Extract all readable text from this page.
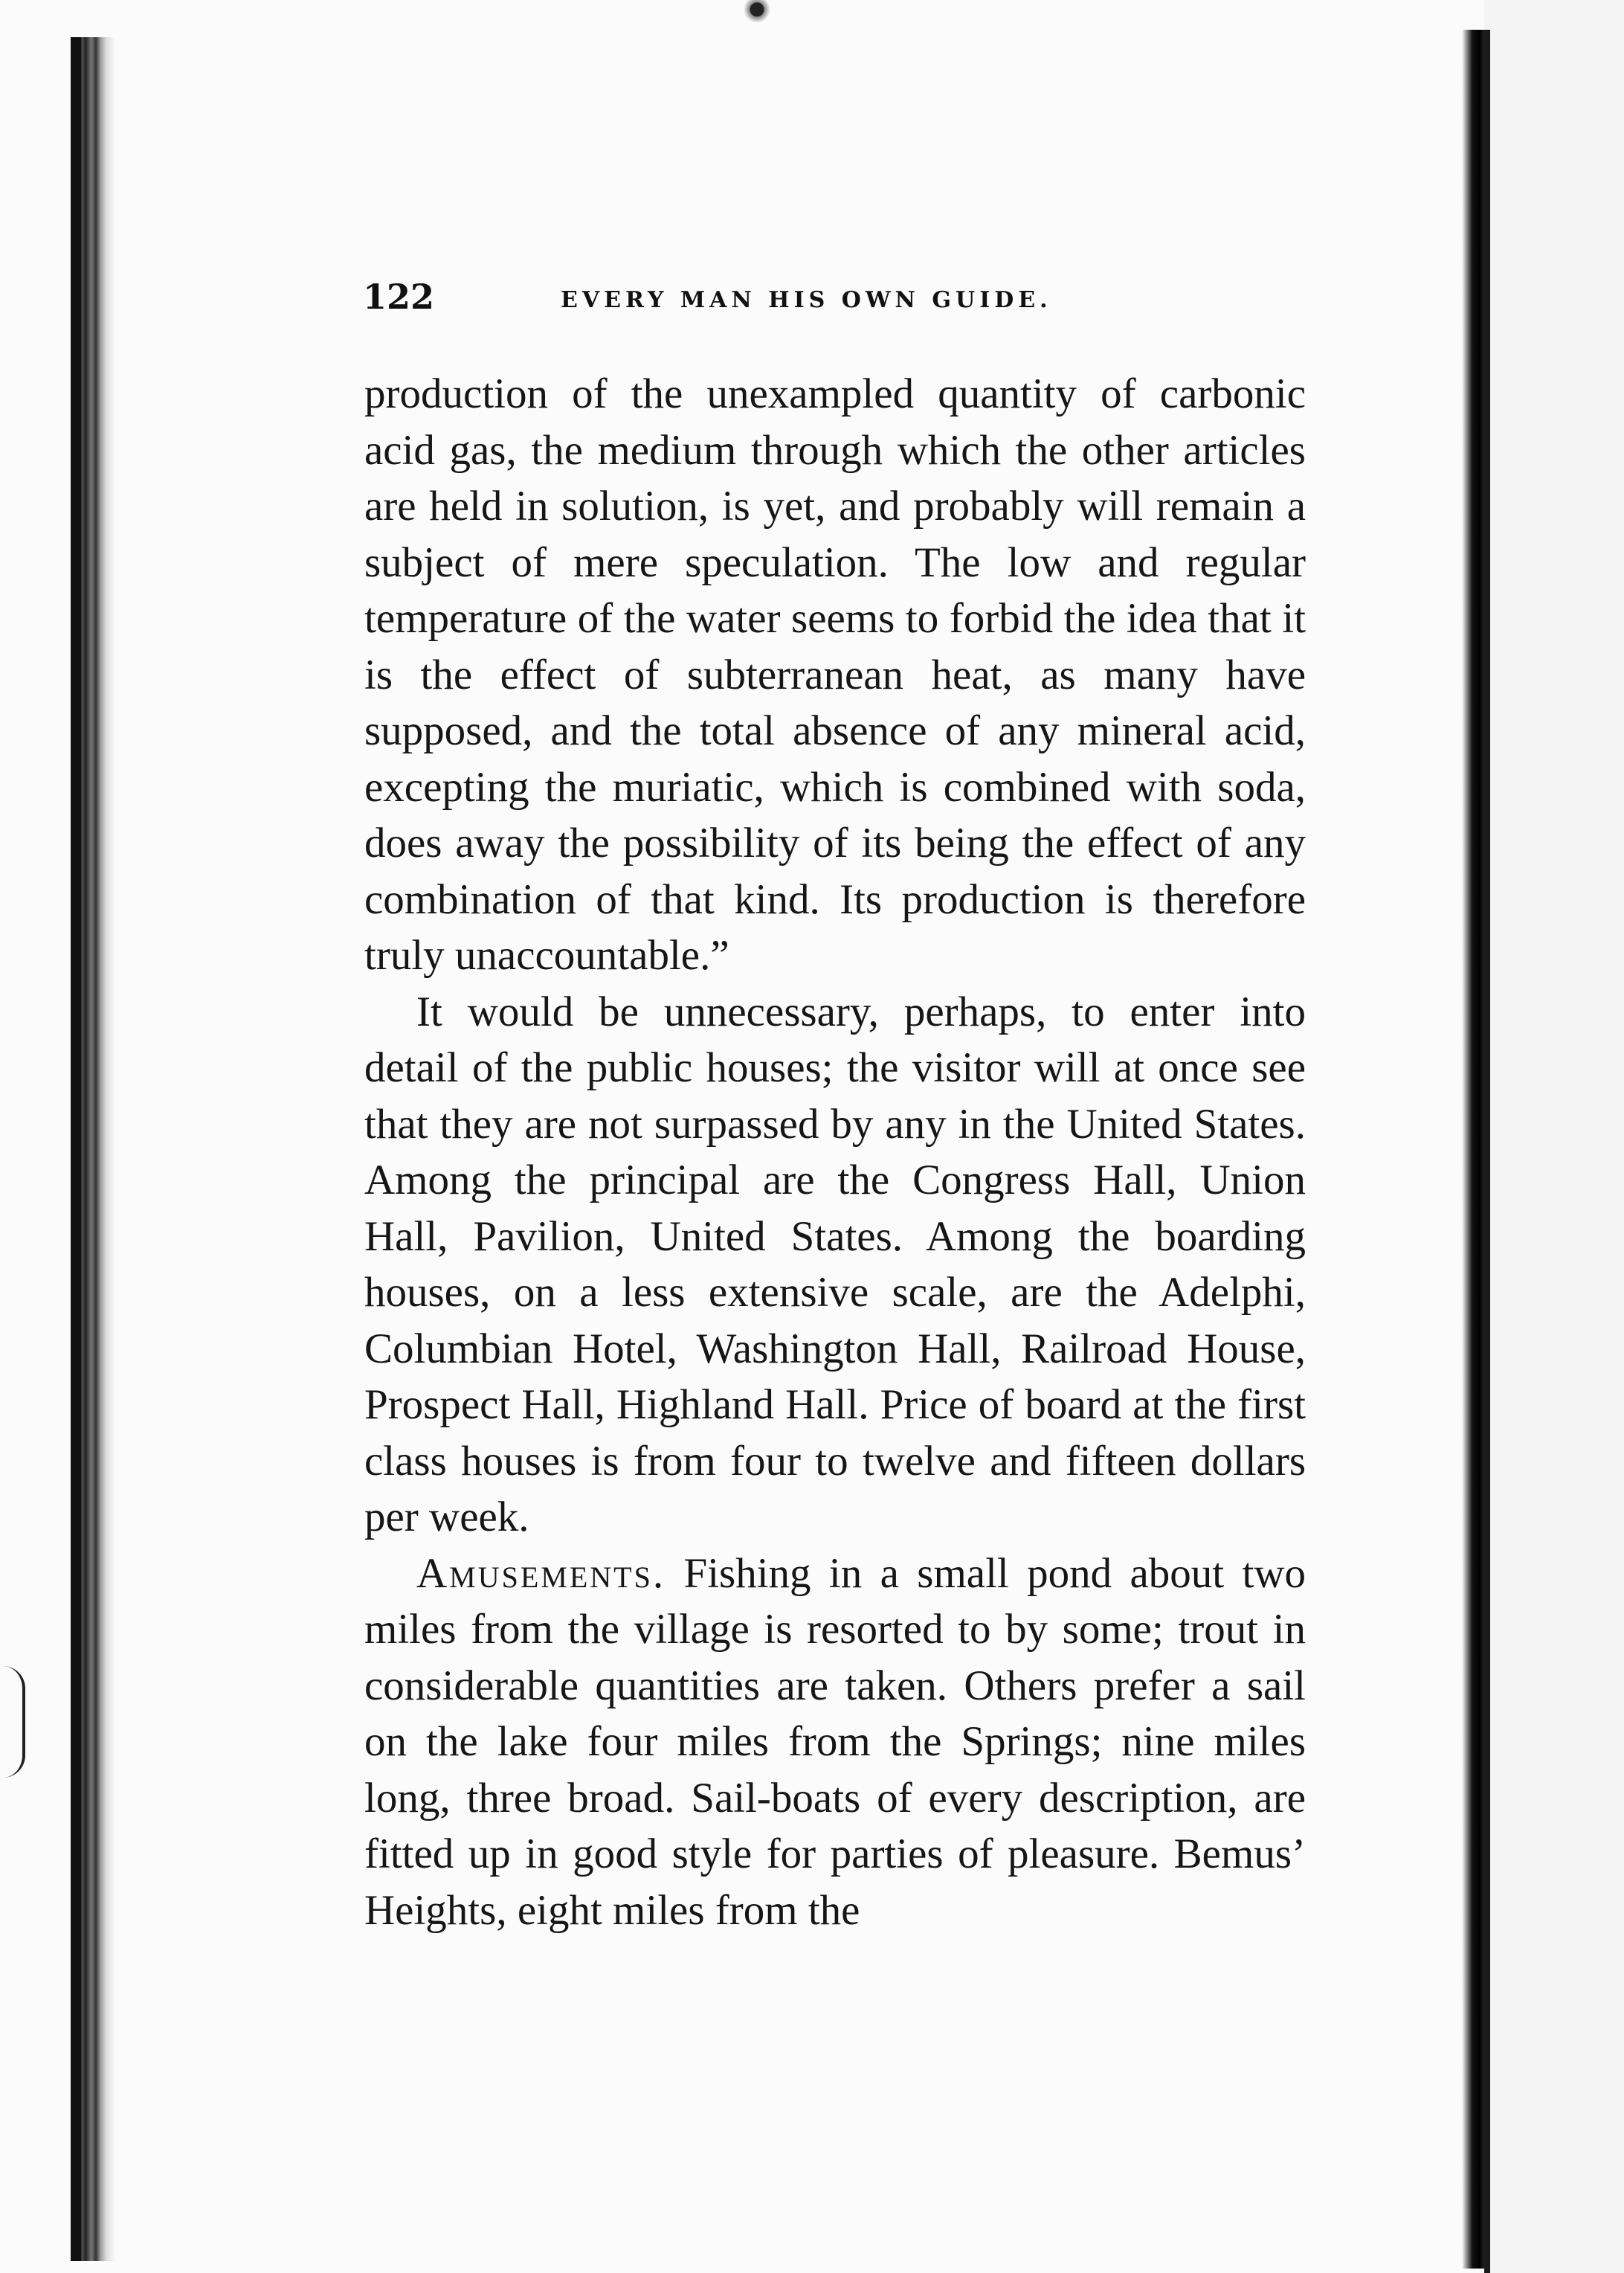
122	EVERY MAN HIS OWN GUIDE.

production of the unexampled quantity of carbonic acid gas, the medium through which the other articles are held in solution, is yet, and probably will remain a subject of mere speculation. The low and regular temperature of the water seems to forbid the idea that it is the effect of subterranean heat, as many have supposed, and the total absence of any mineral acid, excepting the muriatic, which is combined with soda, does away the possibility of its being the effect of any combination of that kind. Its production is therefore truly unaccountable.”

It would be unnecessary, perhaps, to enter into detail of the public houses; the visitor will at once see that they are not surpassed by any in the United States. Among the principal are the Congress Hall, Union Hall, Pavilion, United States. Among the boarding houses, on a less extensive scale, are the Adelphi, Columbian Hotel, Washington Hall, Railroad House, Prospect Hall, Highland Hall. Price of board at the first class houses is from four to twelve and fifteen dollars per week.

Amusements. Fishing in a small pond about two miles from the village is resorted to by some; trout in considerable quantities are taken. Others prefer a sail on the lake four miles from the Springs; nine miles long, three broad. Sail-boats of every description, are fitted up in good style for parties of pleasure. Bemus’ Heights, eight miles from the
